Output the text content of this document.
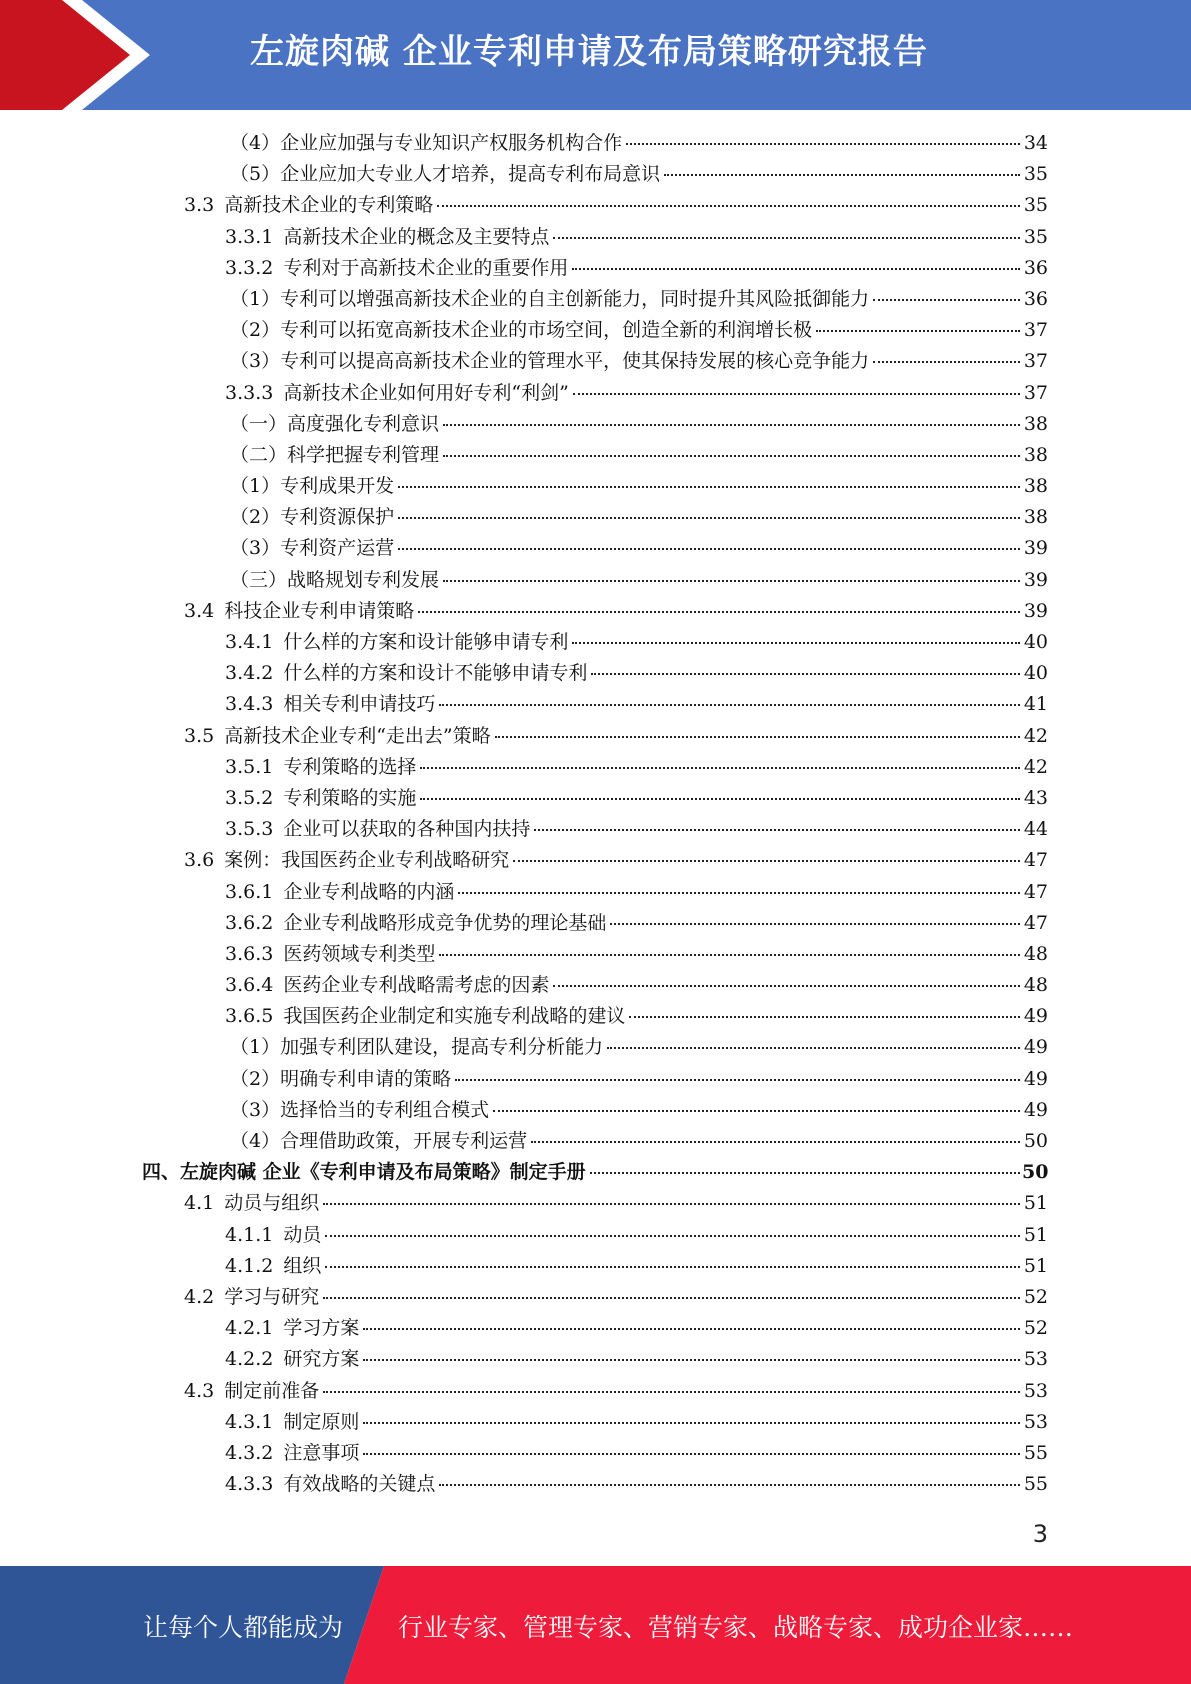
左旋肉碱 企业专利申请及布局策略研究报告
（4）企业应加强与专业知识产权服务机构合作	34
（5）企业应加大专业人才培养，提高专利布局意识	35
3.3 高新技术企业的专利策略	35
3.3.1 高新技术企业的概念及主要特点	35
3.3.2 专利对于高新技术企业的重要作用	36
（1）专利可以增强高新技术企业的自主创新能力，同时提升其风险抵御能力	36
（2）专利可以拓宽高新技术企业的市场空间，创造全新的利润增长极	37
（3）专利可以提高高新技术企业的管理水平，使其保持发展的核心竞争能力	37
3.3.3 高新技术企业如何用好专利“利剑”	37
（一）高度强化专利意识	38
（二）科学把握专利管理	38
（1）专利成果开发	38
（2）专利资源保护	38
（3）专利资产运营	39
（三）战略规划专利发展	39
3.4 科技企业专利申请策略	39
3.4.1 什么样的方案和设计能够申请专利	40
3.4.2 什么样的方案和设计不能够申请专利	40
3.4.3 相关专利申请技巧	41
3.5 高新技术企业专利“走出去”策略	42
3.5.1 专利策略的选择	42
3.5.2 专利策略的实施	43
3.5.3 企业可以获取的各种国内扶持	44
3.6 案例：我国医药企业专利战略研究	47
3.6.1 企业专利战略的内涵	47
3.6.2 企业专利战略形成竞争优势的理论基础	47
3.6.3 医药领域专利类型	48
3.6.4 医药企业专利战略需考虑的因素	48
3.6.5 我国医药企业制定和实施专利战略的建议	49
（1）加强专利团队建设，提高专利分析能力	49
（2）明确专利申请的策略	49
（3）选择恰当的专利组合模式	49
（4）合理借助政策，开展专利运营	50
四、左旋肉碱 企业《专利申请及布局策略》制定手册	50
4.1 动员与组织	51
4.1.1 动员	51
4.1.2 组织	51
4.2 学习与研究	52
4.2.1 学习方案	52
4.2.2 研究方案	53
4.3 制定前准备	53
4.3.1 制定原则	53
4.3.2 注意事项	55
4.3.3 有效战略的关键点	55
3
让每个人都能成为 行业专家、管理专家、营销专家、战略专家、成功企业家……
